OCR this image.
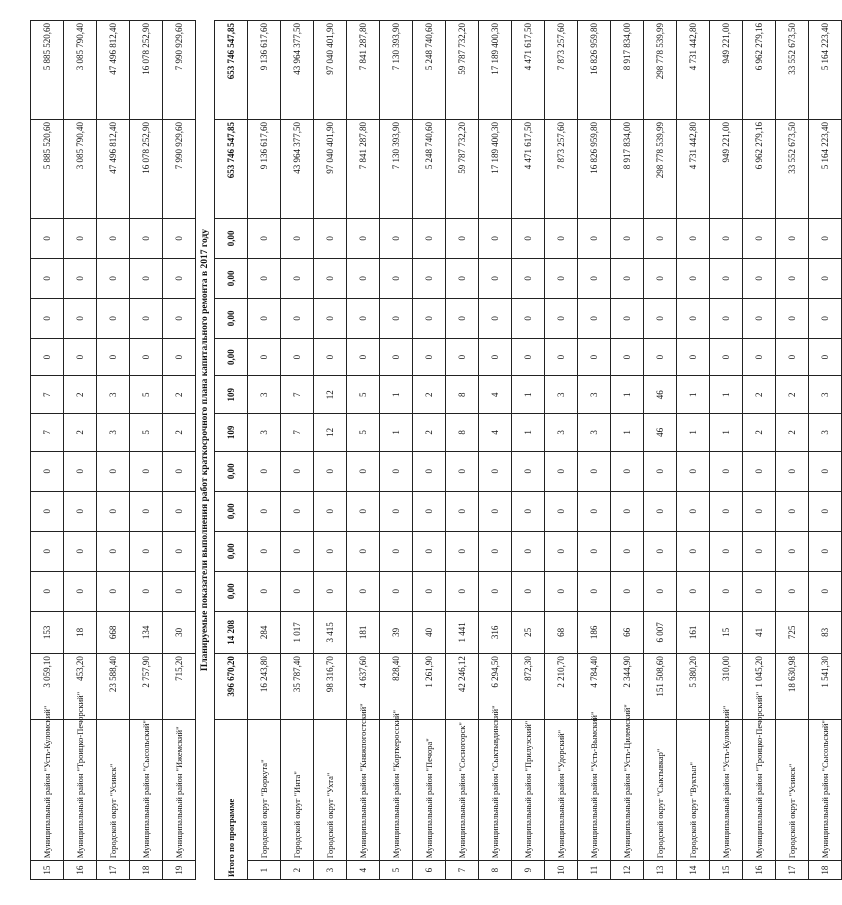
15	Муниципальный район "Усть-Куломский"	3 059,10	153	0	0	0	0	7	7	0	0	0	0	5 885 520,60	5 885 520,60
16	Муниципальный район "Троицко-Печорский"	453,20	18	0	0	0	0	2	2	0	0	0	0	3 085 790,40	3 085 790,40
17	Городской округ "Усинск"	23 588,40	668	0	0	0	0	3	3	0	0	0	0	47 496 812,40	47 496 812,40
18	Муниципальный район "Сысольский"	2 757,90	134	0	0	0	0	5	5	0	0	0	0	16 078 252,90	16 078 252,90
19	Муниципальный район "Ижемский"	715,20	30	0	0	0	0	2	2	0	0	0	0	7 990 929,60	7 990 929,60
Планируемые показатели выполнения работ краткосрочного плана капитального ремонта в 2017 году															
Итого по программе		396 670,20	14 208	0,00	0,00	0,00	0,00	109	109	0,00	0,00	0,00	0,00	653 746 547,85	653 746 547,85
1	Городской округ "Воркута"	16 243,80	284	0	0	0	0	3	3	0	0	0	0	9 136 617,60	9 136 617,60
2	Городской округ "Инта"	35 787,40	1 017	0	0	0	0	7	7	0	0	0	0	43 964 377,50	43 964 377,50
3	Городской округ "Ухта"	98 316,70	3 415	0	0	0	0	12	12	0	0	0	0	97 040 401,90	97 040 401,90
4	Муниципальный район "Княжпогостский"	4 637,60	181	0	0	0	0	5	5	0	0	0	0	7 841 287,80	7 841 287,80
5	Муниципальный район "Корткеросский"	828,40	39	0	0	0	0	1	1	0	0	0	0	7 130 393,90	7 130 393,90
6	Муниципальный район "Печора"	1 261,90	40	0	0	0	0	2	2	0	0	0	0	5 248 740,60	5 248 740,60
7	Муниципальный район "Сосногорск"	42 246,12	1 441	0	0	0	0	8	8	0	0	0	0	59 787 732,20	59 787 732,20
8	Муниципальный район "Сыктывдинский"	6 294,50	316	0	0	0	0	4	4	0	0	0	0	17 189 400,30	17 189 400,30
9	Муниципальный район "Прилузский"	872,30	25	0	0	0	0	1	1	0	0	0	0	4 471 617,50	4 471 617,50
10	Муниципальный район "Удорский"	2 210,70	68	0	0	0	0	3	3	0	0	0	0	7 873 257,60	7 873 257,60
11	Муниципальный район "Усть-Вымский"	4 784,40	186	0	0	0	0	3	3	0	0	0	0	16 826 959,80	16 826 959,80
12	Муниципальный район "Усть-Цилемский"	2 344,90	66	0	0	0	0	1	1	0	0	0	0	8 917 834,00	8 917 834,00
13	Городской округ "Сыктывкар"	151 508,60	6 007	0	0	0	0	46	46	0	0	0	0	298 778 539,99	298 778 539,99
14	Городской округ "Вуктыл"	5 380,20	161	0	0	0	0	1	1	0	0	0	0	4 731 442,80	4 731 442,80
15	Муниципальный район "Усть-Куломский"	310,00	15	0	0	0	0	1	1	0	0	0	0	949 221,00	949 221,00
16	Муниципальный район "Троицко-Печорский"	1 045,20	41	0	0	0	0	2	2	0	0	0	0	6 962 279,16	6 962 279,16
17	Городской округ "Усинск"	18 630,98	725	0	0	0	0	2	2	0	0	0	0	33 552 673,50	33 552 673,50
18	Муниципальный район "Сысольский"	1 541,30	83	0	0	0	0	3	3	0	0	0	0	5 164 223,40	5 164 223,40
